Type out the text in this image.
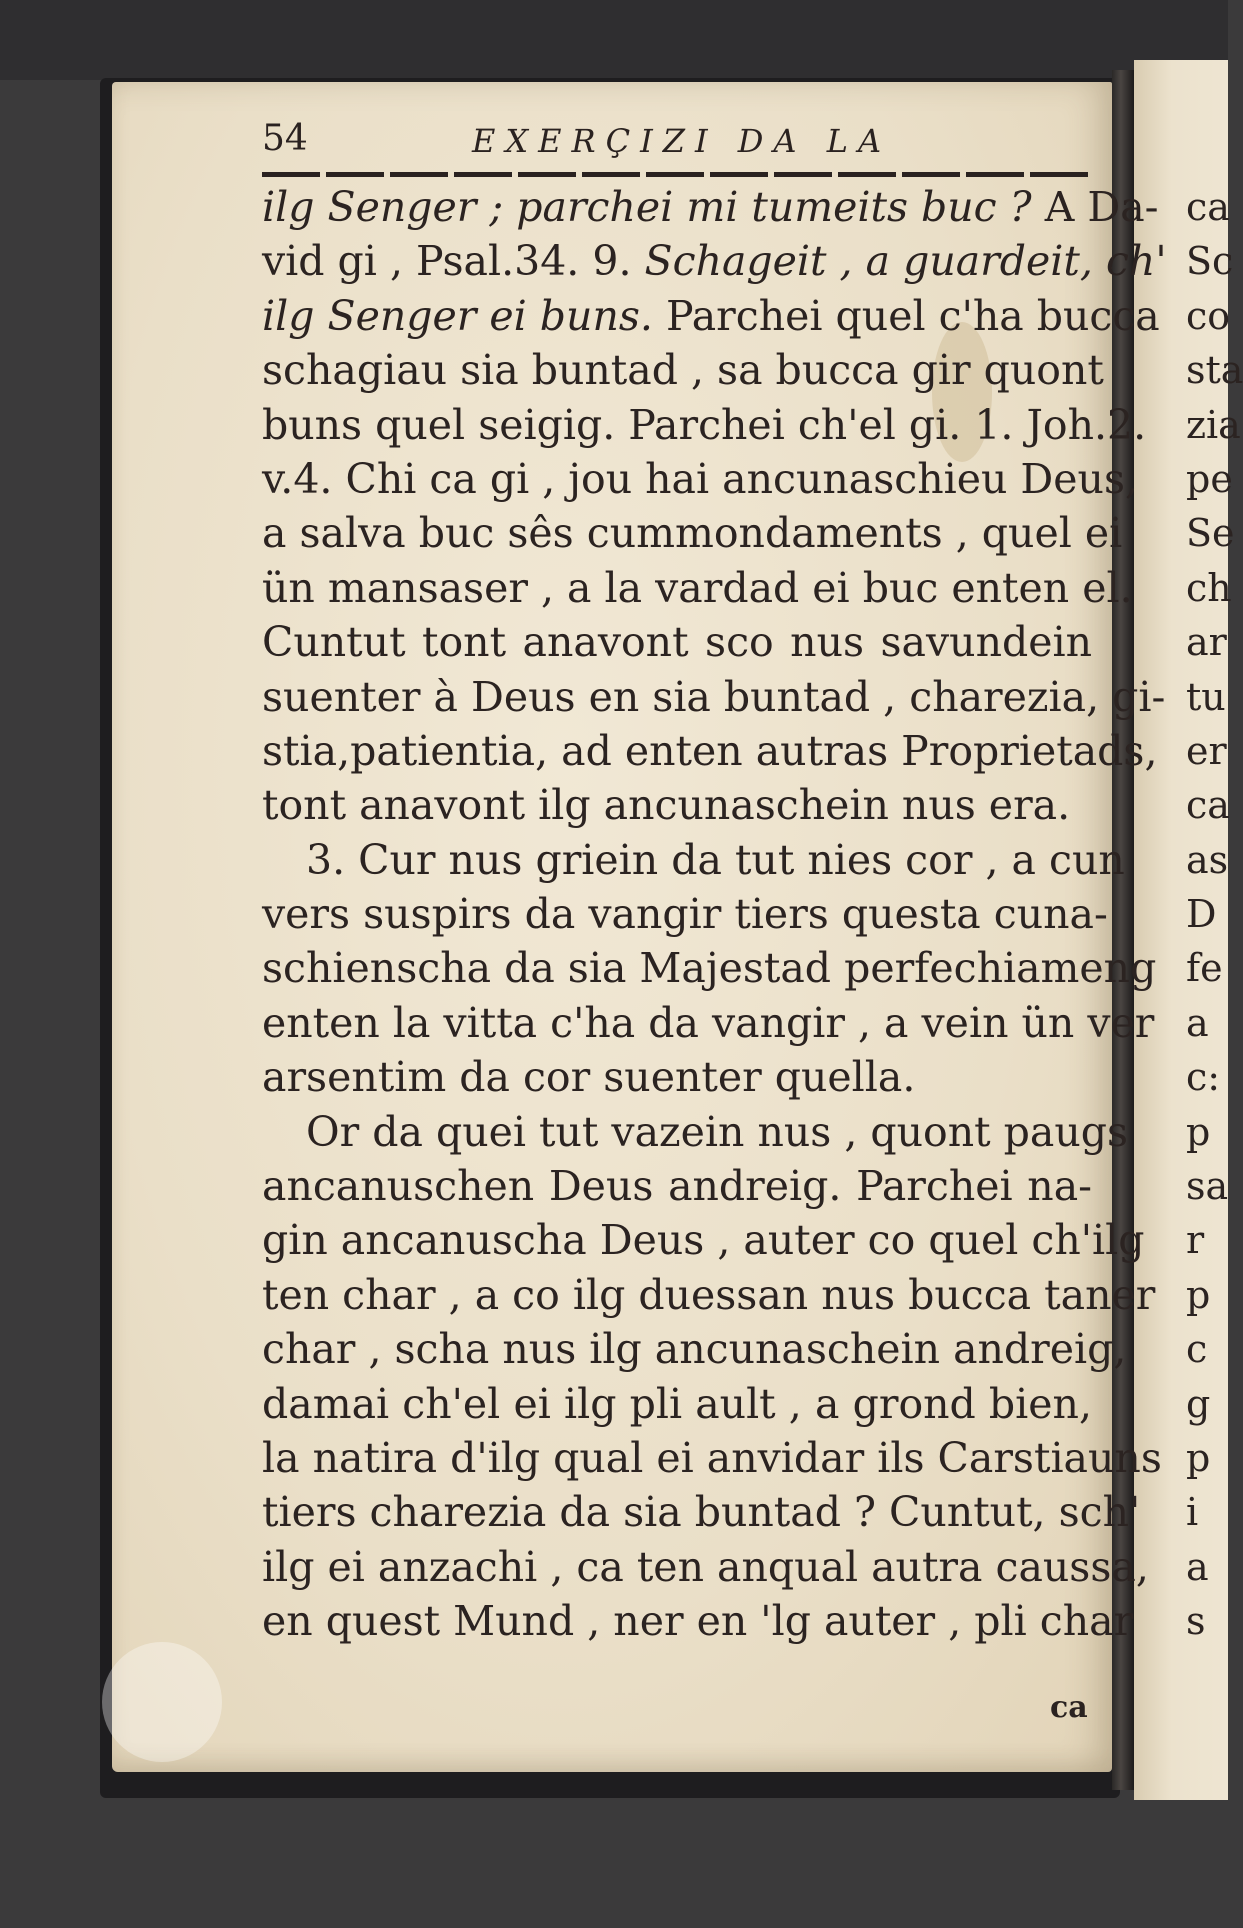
54	EXERÇIZI DA LA
ilg Senger ; parchei mi tumeits buc ? A Da-
vid gi , Psal.34. 9. Schageit , a guardeit, ch'
ilg Senger ei buns. Parchei quel c'ha bucca
schagiau sia buntad , sa bucca gir quont
buns quel seigig. Parchei ch'el gi. 1. Joh.2.
v.4. Chi ca gi , jou hai ancunaschieu Deus,
a salva buc sês cummondaments , quel ei
ün mansaser , a la vardad ei buc enten el.
Cuntut tont anavont sco nus savundein
suenter à Deus en sia buntad , charezia, gi-
stia,patientia, ad enten autras Proprietads,
tont anavont ilg ancunaschein nus era.
3. Cur nus griein da tut nies cor , a cun
vers suspirs da vangir tiers questa cuna-
schienscha da sia Majestad perfechiameng
enten la vitta c'ha da vangir , a vein ün ver
arsentim da cor suenter quella.
Or da quei tut vazein nus , quont paugs
ancanuschen Deus andreig. Parchei na-
gin ancanuscha Deus , auter co quel ch'ilg
ten char , a co ilg duessan nus bucca taner
char , scha nus ilg ancunaschein andreig,
damai ch'el ei ilg pli ault , a grond bien,
la natira d'ilg qual ei anvidar ils Carstiauns
tiers charezia da sia buntad ? Cuntut, sch'
ilg ei anzachi , ca ten anqual autra caussa,
en quest Mund , ner en 'lg auter , pli char
ca
ca
Sc
co
sta
zia
pe
Se
ch
ar
tu
er
ca
as
D
fe
a
c:
p
sa
r
p
c
g
p
i
a
s
